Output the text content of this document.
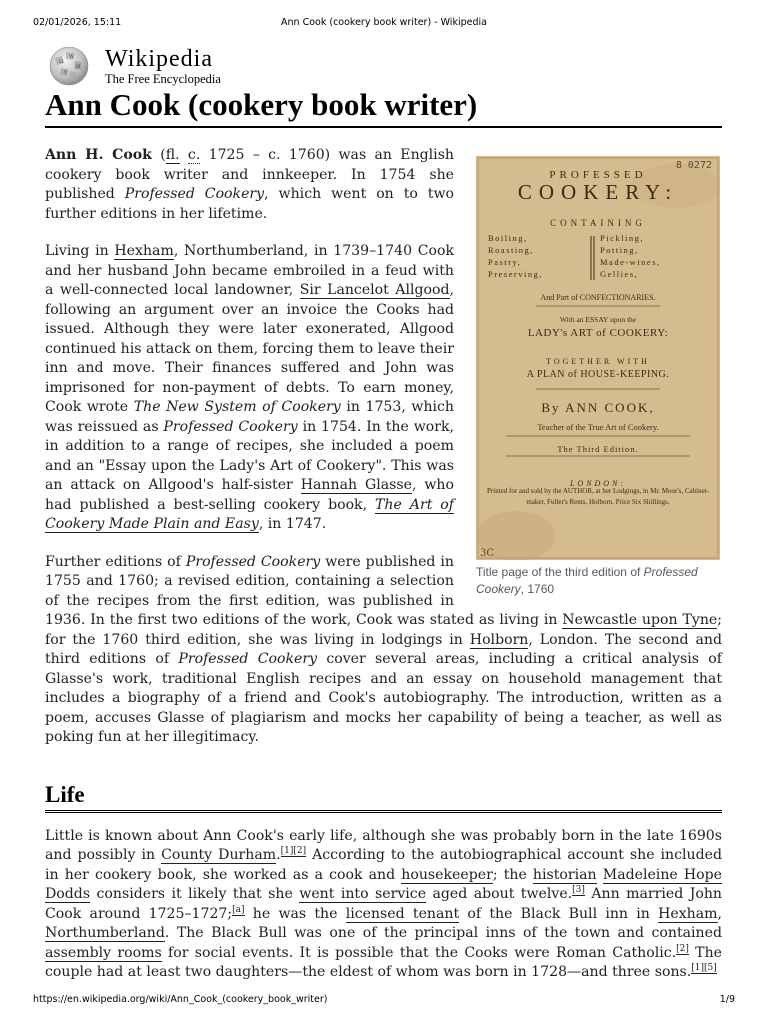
02/01/2026, 15:11	Ann Cook (cookery book writer) - Wikipedia
Ω
W
И
ウ
Wikipedia
The Free Encyclopedia
Ann Cook (cookery book writer)
3C
8 0272
PROFESSED
COOKERY:
CONTAINING
Boiling,
Roasting,
Pastry,
Preserving,
Pickling,
Potting,
Made-wines,
Gellies,
And Part of CONFECTIONARIES.
With an ESSAY upon the
LADY's ART of COOKERY:
TOGETHER WITH
A PLAN of HOUSE-KEEPING.
By ANN COOK,
Teacher of the True Art of Cookery.
The Third Edition.
LONDON:
Printed for and sold by the AUTHOR, at her Lodgings, in Mr. Moor's, Cabinet-maker, Fuller's Rents, Holborn. Price Six Shillings.
Title page of the third edition of Professed Cookery, 1760

Ann H. Cook (fl. c. 1725 – c. 1760) was an English cookery book writer and innkeeper. In 1754 she published Professed Cookery, which went on to two further editions in her lifetime.

Living in Hexham, Northumberland, in 1739–1740 Cook and her husband John became embroiled in a feud with a well-connected local landowner, Sir Lancelot Allgood, following an argument over an invoice the Cooks had issued. Although they were later exonerated, Allgood continued his attack on them, forcing them to leave their inn and move. Their finances suffered and John was imprisoned for non-payment of debts. To earn money, Cook wrote The New System of Cookery in 1753, which was reissued as Professed Cookery in 1754. In the work, in addition to a range of recipes, she included a poem and an "Essay upon the Lady's Art of Cookery". This was an attack on Allgood's half-sister Hannah Glasse, who had published a best-selling cookery book, The Art of Cookery Made Plain and Easy, in 1747.

Further editions of Professed Cookery were published in 1755 and 1760; a revised edition, containing a selection of the recipes from the first edition, was published in 1936. In the first two editions of the work, Cook was stated as living in Newcastle upon Tyne; for the 1760 third edition, she was living in lodgings in Holborn, London. The second and third editions of Professed Cookery cover several areas, including a critical analysis of Glasse's work, traditional English recipes and an essay on household management that includes a biography of a friend and Cook's autobiography. The introduction, written as a poem, accuses Glasse of plagiarism and mocks her capability of being a teacher, as well as poking fun at her illegitimacy.

Life

Little is known about Ann Cook's early life, although she was probably born in the late 1690s and possibly in County Durham.[1][2] According to the autobiographical account she included in her cookery book, she worked as a cook and housekeeper; the historian Madeleine Hope Dodds considers it likely that she went into service aged about twelve.[3] Ann married John Cook around 1725–1727;[a] he was the licensed tenant of the Black Bull inn in Hexham, Northumberland. The Black Bull was one of the principal inns of the town and contained assembly rooms for social events. It is possible that the Cooks were Roman Catholic.[2] The couple had at least two daughters—the eldest of whom was born in 1728—and three sons.[1][5]

https://en.wikipedia.org/wiki/Ann_Cook_(cookery_book_writer)	1/9
